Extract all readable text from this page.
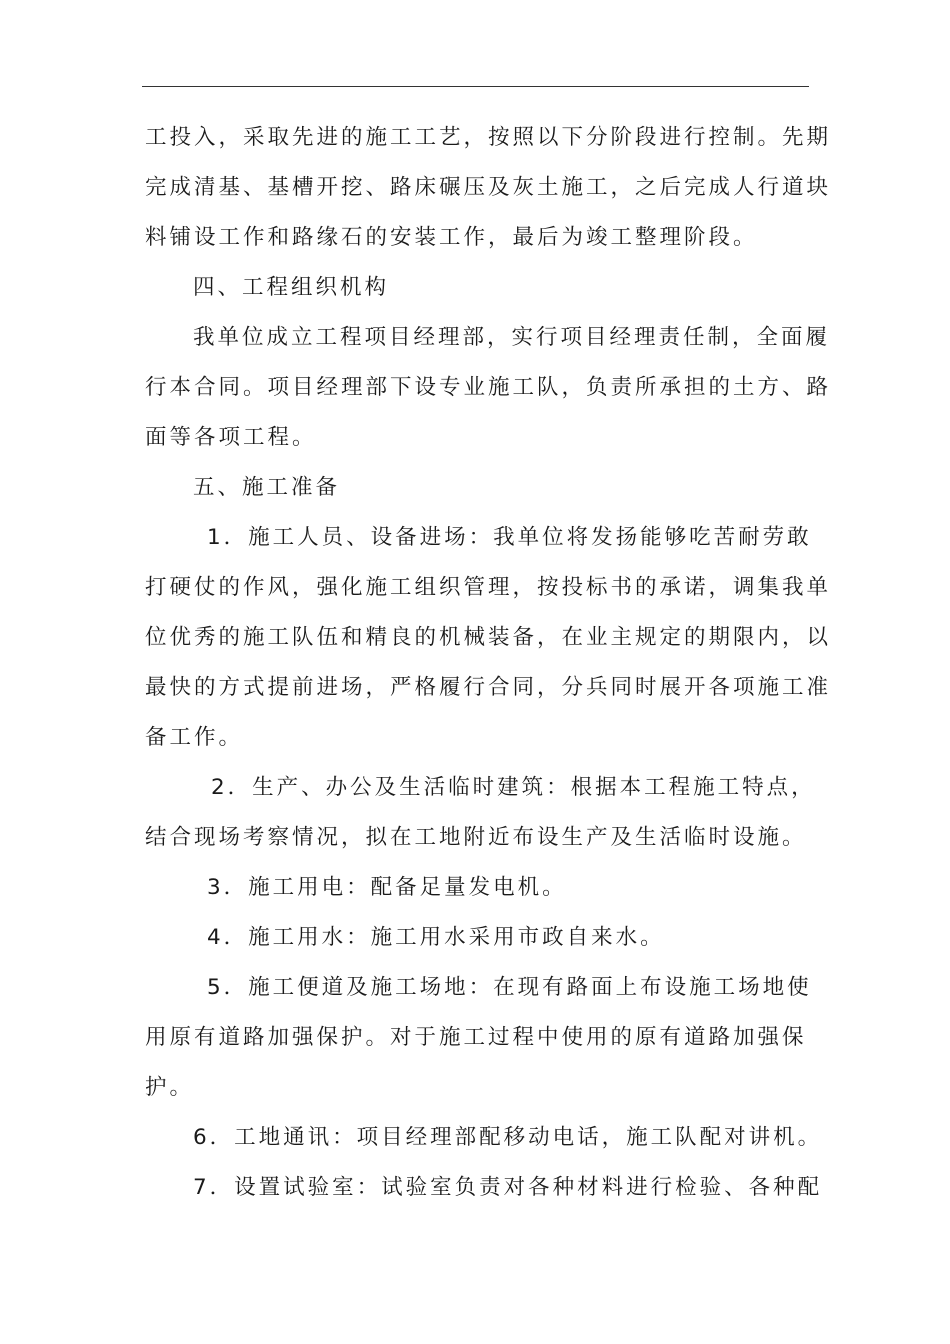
工投入，采取先进的施工工艺，按照以下分阶段进行控制。先期
完成清基、基槽开挖、路床碾压及灰土施工，之后完成人行道块
料铺设工作和路缘石的安装工作，最后为竣工整理阶段。

四、工程组织机构

我单位成立工程项目经理部，实行项目经理责任制，全面履
行本合同。项目经理部下设专业施工队，负责所承担的土方、路
面等各项工程。

五、施工准备

1．施工人员、设备进场：我单位将发扬能够吃苦耐劳敢
打硬仗的作风，强化施工组织管理，按投标书的承诺，调集我单
位优秀的施工队伍和精良的机械装备，在业主规定的期限内，以
最快的方式提前进场，严格履行合同，分兵同时展开各项施工准
备工作。

2．生产、办公及生活临时建筑：根据本工程施工特点，
结合现场考察情况，拟在工地附近布设生产及生活临时设施。

3．施工用电：配备足量发电机。

4．施工用水：施工用水采用市政自来水。

5．施工便道及施工场地：在现有路面上布设施工场地使
用原有道路加强保护。对于施工过程中使用的原有道路加强保
护。

6．工地通讯：项目经理部配移动电话，施工队配对讲机。

7．设置试验室：试验室负责对各种材料进行检验、各种配
